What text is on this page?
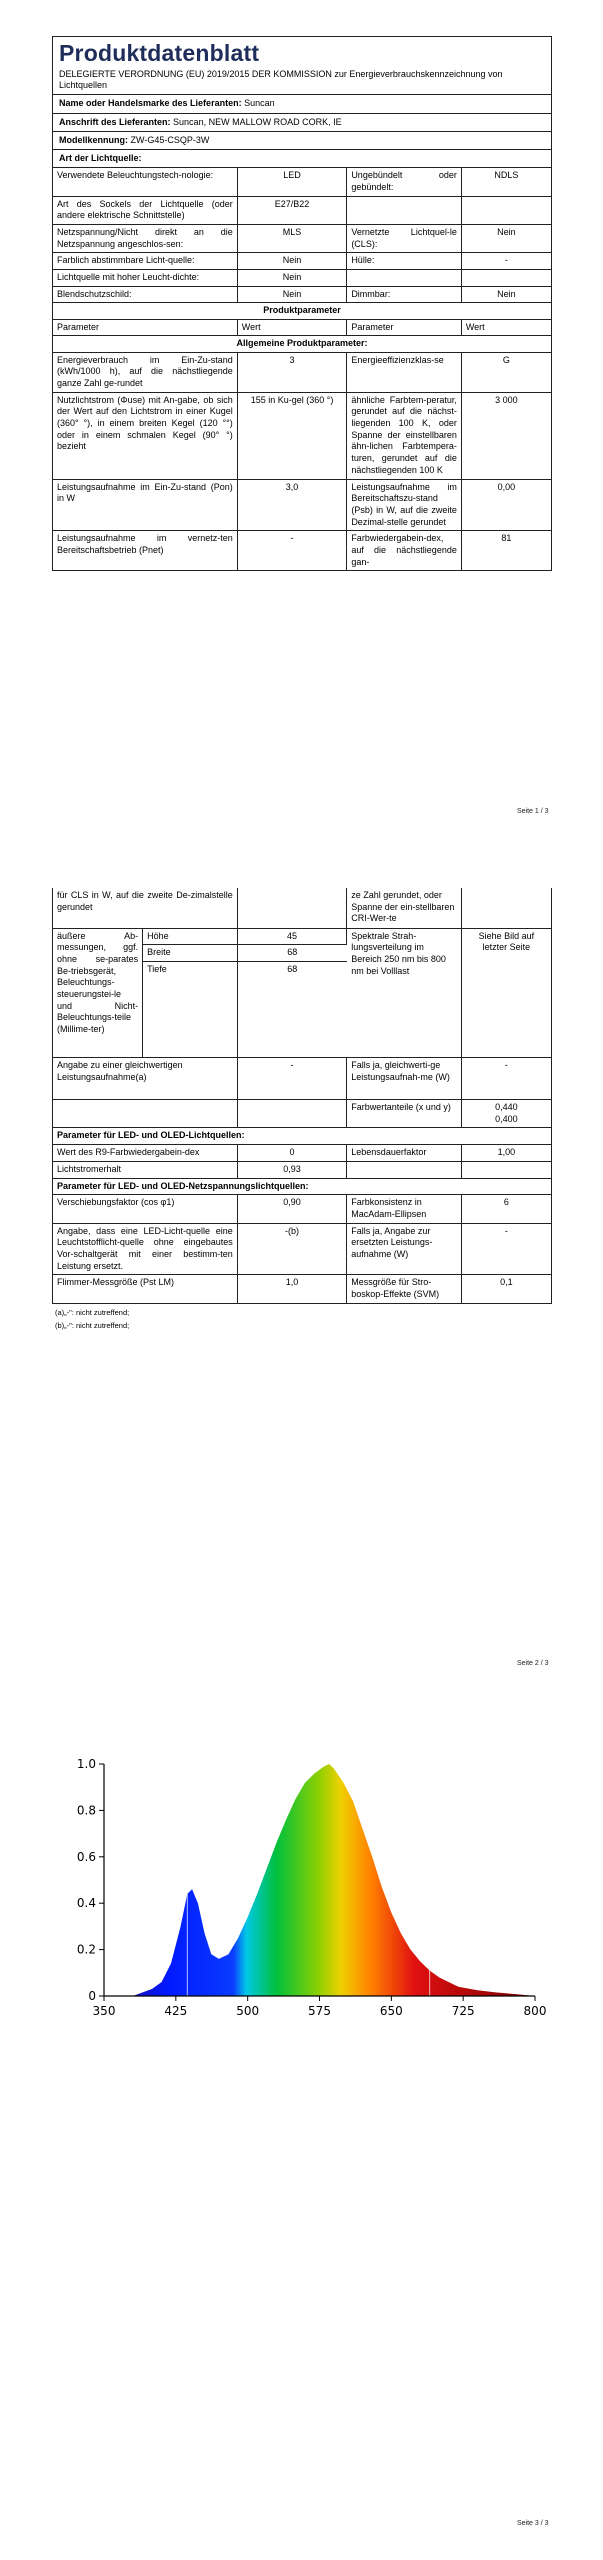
Produktdatenblatt
DELEGIERTE VERORDNUNG (EU) 2019/2015 DER KOMMISSION zur Energieverbrauchskennzeichnung von Lichtquellen
Name oder Handelsmarke des Lieferanten: Suncan
Anschrift des Lieferanten: Suncan, NEW MALLOW ROAD CORK, IE
Modellkennung: ZW-G45-CSQP-3W
Art der Lichtquelle:
Verwendete Beleuchtungstech-nologie:	LED	Ungebündelt oder gebündelt:	NDLS
Art des Sockels der Lichtquelle (oder andere elektrische Schnittstelle)	E27/B22		
Netzspannung/Nicht direkt an die Netzspannung angeschlos-sen:	MLS	Vernetzte Lichtquel-le (CLS):	Nein
Farblich abstimmbare Licht-quelle:	Nein	Hülle:	-
Lichtquelle mit hoher Leucht-dichte:	Nein		
Blendschutzschild:	Nein	Dimmbar:	Nein
Produktparameter
Parameter	Wert	Parameter	Wert
Allgemeine Produktparameter:
Energieverbrauch im Ein-Zu-stand (kWh/1000 h), auf die nächstliegende ganze Zahl ge-rundet	3	Energieeffizienzklas-se	G
Nutzlichtstrom (Φuse) mit An-gabe, ob sich der Wert auf den Lichtstrom in einer Kugel (360° °), in einem breiten Kegel (120 °°) oder in einem schmalen Kegel (90° °) bezieht	155 in Ku-gel (360 °)	ähnliche Farbtem-peratur, gerundet auf die nächst-liegenden 100 K, oder Spanne der einstellbaren ähn-lichen Farbtempera-turen, gerundet auf die nächstliegenden 100 K	3 000
Leistungsaufnahme im Ein-Zu-stand (Pon) in W	3,0	Leistungsaufnahme im Bereitschaftszu-stand (Psb) in W, auf die zweite Dezimal-stelle gerundet	0,00
Leistungsaufnahme im vernetz-ten Bereitschaftsbetrieb (Pnet)	-	Farbwiedergabein-dex, auf die nächstliegende gan-	81
Seite 1 / 3
für CLS in W, auf die zweite De-zimalstelle gerundet			ze Zahl gerundet, oder Spanne der ein-stellbaren CRI-Wer-te	
äußere Ab-messungen, ggf. ohne se-parates Be-triebsgerät, Beleuchtungs-steuerungstei-le und Nicht-Beleuchtungs-teile (Millime-ter)	Höhe	45	Spektrale Strah-lungsverteilung im Bereich 250 nm bis 800 nm bei Volllast	Siehe Bild auf letzter Seite
	Breite	68		
	Tiefe	68		

Angabe zu einer gleichwertigen Leistungsaufnahme(a)		-	Falls ja, gleichwerti-ge Leistungsaufnah-me (W)	-
			Farbwertanteile (x und y)	0,440
0,400

Parameter für LED- und OLED-Lichtquellen:				
Wert des R9-Farbwiedergabein-dex		0	Lebensdauerfaktor	1,00
Lichtstromerhalt		0,93		
Parameter für LED- und OLED-Netzspannungslichtquellen:				
Verschiebungsfaktor (cos φ1)		0,90	Farbkonsistenz in MacAdam-Ellipsen	6
Angabe, dass eine LED-Licht-quelle eine Leuchtstofflicht-quelle ohne eingebautes Vor-schaltgerät mit einer bestimm-ten Leistung ersetzt.		-(b)	Falls ja, Angabe zur ersetzten Leistungs-aufnahme (W)	-
Flimmer-Messgröße (Pst LM)		1,0	Messgröße für Stro-boskop-Effekte (SVM)	0,1
(a)„-": nicht zutreffend;
(b)„-": nicht zutreffend;
Seite 2 / 3
350	425	500	575	650	725	800
0
0.2
0.4
0.6
0.8
1.0
Seite 3 / 3
